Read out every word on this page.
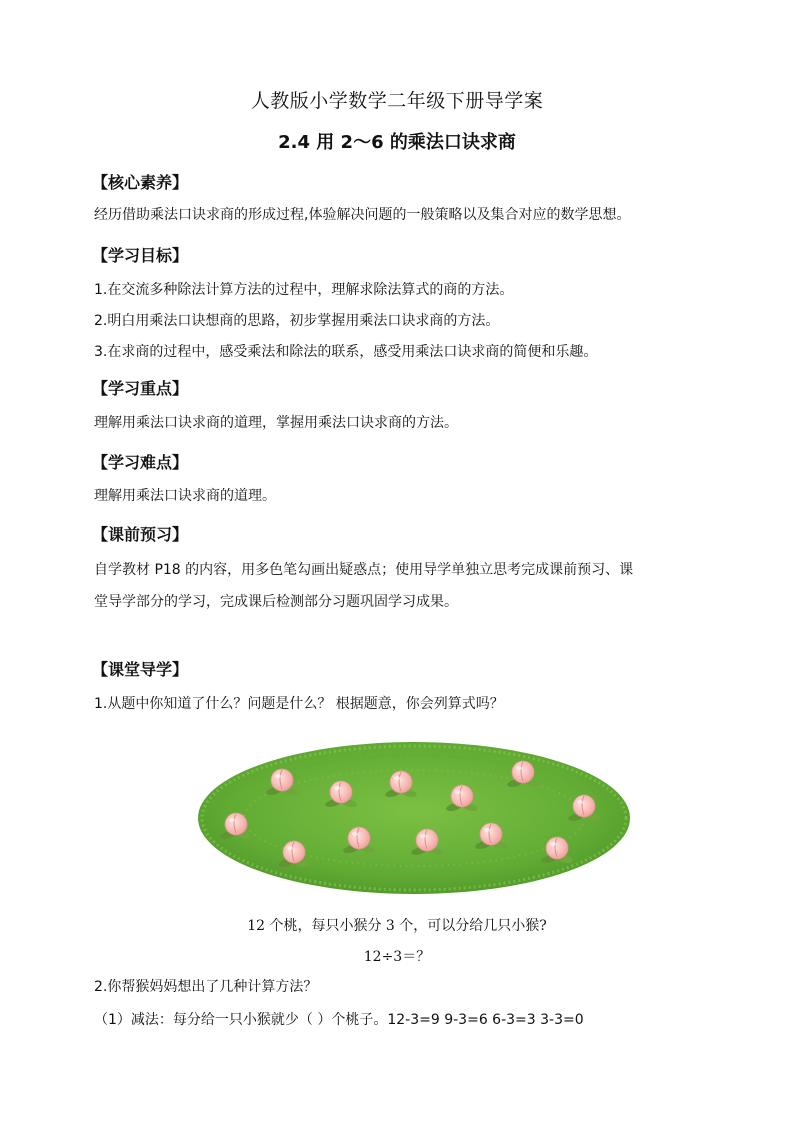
人教版小学数学二年级下册导学案
2.4 用 2～6 的乘法口诀求商
【核心素养】
经历借助乘法口诀求商的形成过程,体验解决问题的一般策略以及集合对应的数学思想。
【学习目标】
1.在交流多种除法计算方法的过程中，理解求除法算式的商的方法。
2.明白用乘法口诀想商的思路，初步掌握用乘法口诀求商的方法。
3.在求商的过程中，感受乘法和除法的联系，感受用乘法口诀求商的简便和乐趣。
【学习重点】
理解用乘法口诀求商的道理，掌握用乘法口诀求商的方法。
【学习难点】
理解用乘法口诀求商的道理。
【课前预习】
自学教材 P18 的内容，用多色笔勾画出疑惑点；使用导学单独立思考完成课前预习、课
堂导学部分的学习，完成课后检测部分习题巩固学习成果。
【课堂导学】
1.从题中你知道了什么？问题是什么？ 根据题意，你会列算式吗？
12 个桃，每只小猴分 3 个，可以分给几只小猴?
12÷3＝？
2.你帮猴妈妈想出了几种计算方法？
（1）减法：每分给一只小猴就少（ ）个桃子。12-3=9 9-3=6 6-3=3 3-3=0
